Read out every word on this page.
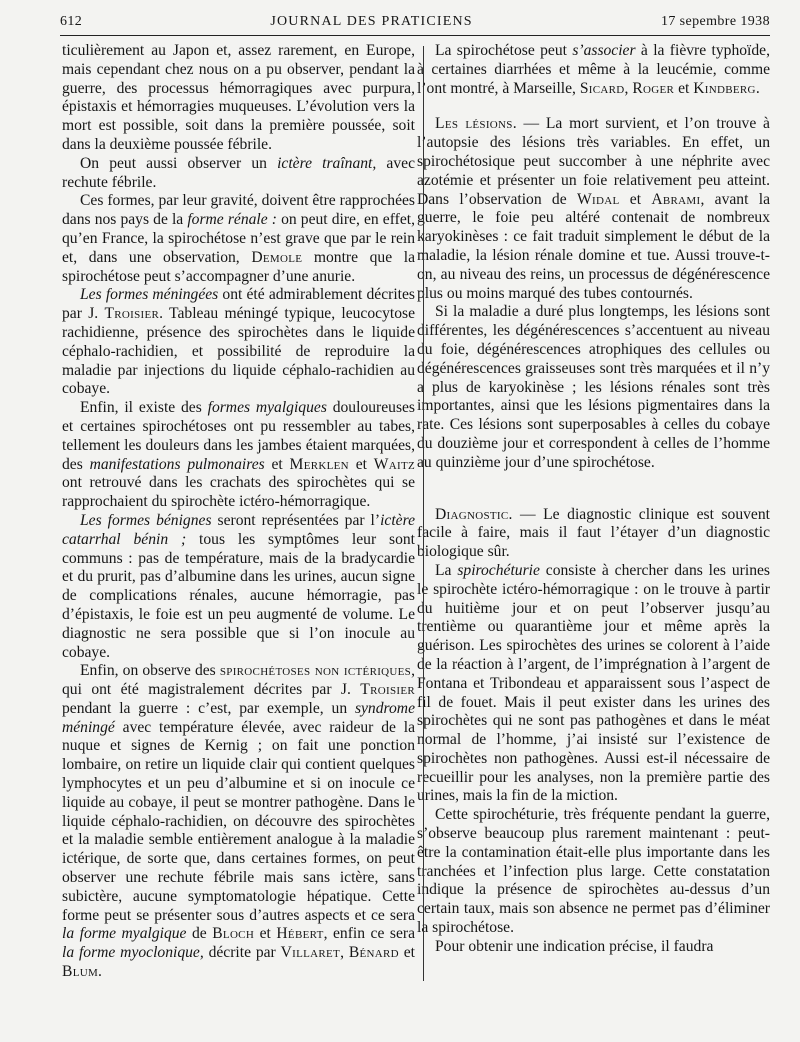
612	JOURNAL DES PRATICIENS	17 sepembre 1938

ticulièrement au Japon et, assez rarement, en Europe, mais cependant chez nous on a pu observer, pendant la guerre, des processus hémorragiques avec purpura, épistaxis et hémorragies muqueuses. L’évolution vers la mort est possible, soit dans la première poussée, soit dans la deuxième poussée fébrile.

On peut aussi observer un ictère traînant, avec rechute fébrile.

Ces formes, par leur gravité, doivent être rapprochées dans nos pays de la forme rénale : on peut dire, en effet, qu’en France, la spirochétose n’est grave que par le rein et, dans une observation, Demole montre que la spirochétose peut s’accompagner d’une anurie.

Les formes méningées ont été admirablement décrites par J. Troisier. Tableau méningé typique, leucocytose rachidienne, présence des spirochètes dans le liquide céphalo-rachidien, et possibilité de reproduire la maladie par injections du liquide céphalo-rachidien au cobaye.

Enfin, il existe des formes myalgiques douloureuses et certaines spirochétoses ont pu ressembler au tabes, tellement les douleurs dans les jambes étaient marquées, des manifestations pulmonaires et Merklen et Waitz ont retrouvé dans les crachats des spirochètes qui se rapprochaient du spirochète ictéro-hémorragique.

Les formes bénignes seront représentées par l’ictère catarrhal bénin ; tous les symptômes leur sont communs : pas de température, mais de la bradycardie et du prurit, pas d’albumine dans les urines, aucun signe de complications rénales, aucune hémorragie, pas d’épistaxis, le foie est un peu augmenté de volume. Le diagnostic ne sera possible que si l’on inocule au cobaye.

Enfin, on observe des spirochétoses non ictériques, qui ont été magistralement décrites par J. Troisier pendant la guerre : c’est, par exemple, un syndrome méningé avec température élevée, avec raideur de la nuque et signes de Kernig ; on fait une ponction lombaire, on retire un liquide clair qui contient quelques lymphocytes et un peu d’albumine et si on inocule ce liquide au cobaye, il peut se montrer pathogène. Dans le liquide céphalo-rachidien, on découvre des spirochètes et la maladie semble entièrement analogue à la maladie ictérique, de sorte que, dans certaines formes, on peut observer une rechute fébrile mais sans ictère, sans subictère, aucune symptomatologie hépatique. Cette forme peut se présenter sous d’autres aspects et ce sera la forme myalgique de Bloch et Hébert, enfin ce sera la forme myoclonique, décrite par Villaret, Bénard et Blum.

La spirochétose peut s’associer à la fièvre typhoïde, à certaines diarrhées et même à la leucémie, comme l’ont montré, à Marseille, Sicard, Roger et Kindberg.

Les lésions. — La mort survient, et l’on trouve à l’autopsie des lésions très variables. En effet, un spirochétosique peut succomber à une néphrite avec azotémie et présenter un foie relativement peu atteint. Dans l’observation de Widal et Abrami, avant la guerre, le foie peu altéré contenait de nombreux karyokinèses : ce fait traduit simplement le début de la maladie, la lésion rénale domine et tue. Aussi trouve-t-on, au niveau des reins, un processus de dégénérescence plus ou moins marqué des tubes contournés.

Si la maladie a duré plus longtemps, les lésions sont différentes, les dégénérescences s’accentuent au niveau du foie, dégénérescences atrophiques des cellules ou dégénérescences graisseuses sont très marquées et il n’y a plus de karyokinèse ; les lésions rénales sont très importantes, ainsi que les lésions pigmentaires dans la rate. Ces lésions sont superposables à celles du cobaye du douzième jour et correspondent à celles de l’homme au quinzième jour d’une spirochétose.

Diagnostic. — Le diagnostic clinique est souvent facile à faire, mais il faut l’étayer d’un diagnostic biologique sûr.

La spirochéturie consiste à chercher dans les urines le spirochète ictéro-hémorragique : on le trouve à partir du huitième jour et on peut l’observer jusqu’au trentième ou quarantième jour et même après la guérison. Les spirochètes des urines se colorent à l’aide de la réaction à l’argent, de l’imprégnation à l’argent de Fontana et Tribondeau et apparaissent sous l’aspect de fil de fouet. Mais il peut exister dans les urines des spirochètes qui ne sont pas pathogènes et dans le méat normal de l’homme, j’ai insisté sur l’existence de spirochètes non pathogènes. Aussi est-il nécessaire de recueillir pour les analyses, non la première partie des urines, mais la fin de la miction.

Cette spirochéturie, très fréquente pendant la guerre, s’observe beaucoup plus rarement maintenant : peut-être la contamination était-elle plus importante dans les tranchées et l’infection plus large. Cette constatation indique la présence de spirochètes au-dessus d’un certain taux, mais son absence ne permet pas d’éliminer la spirochétose.

Pour obtenir une indication précise, il faudra
